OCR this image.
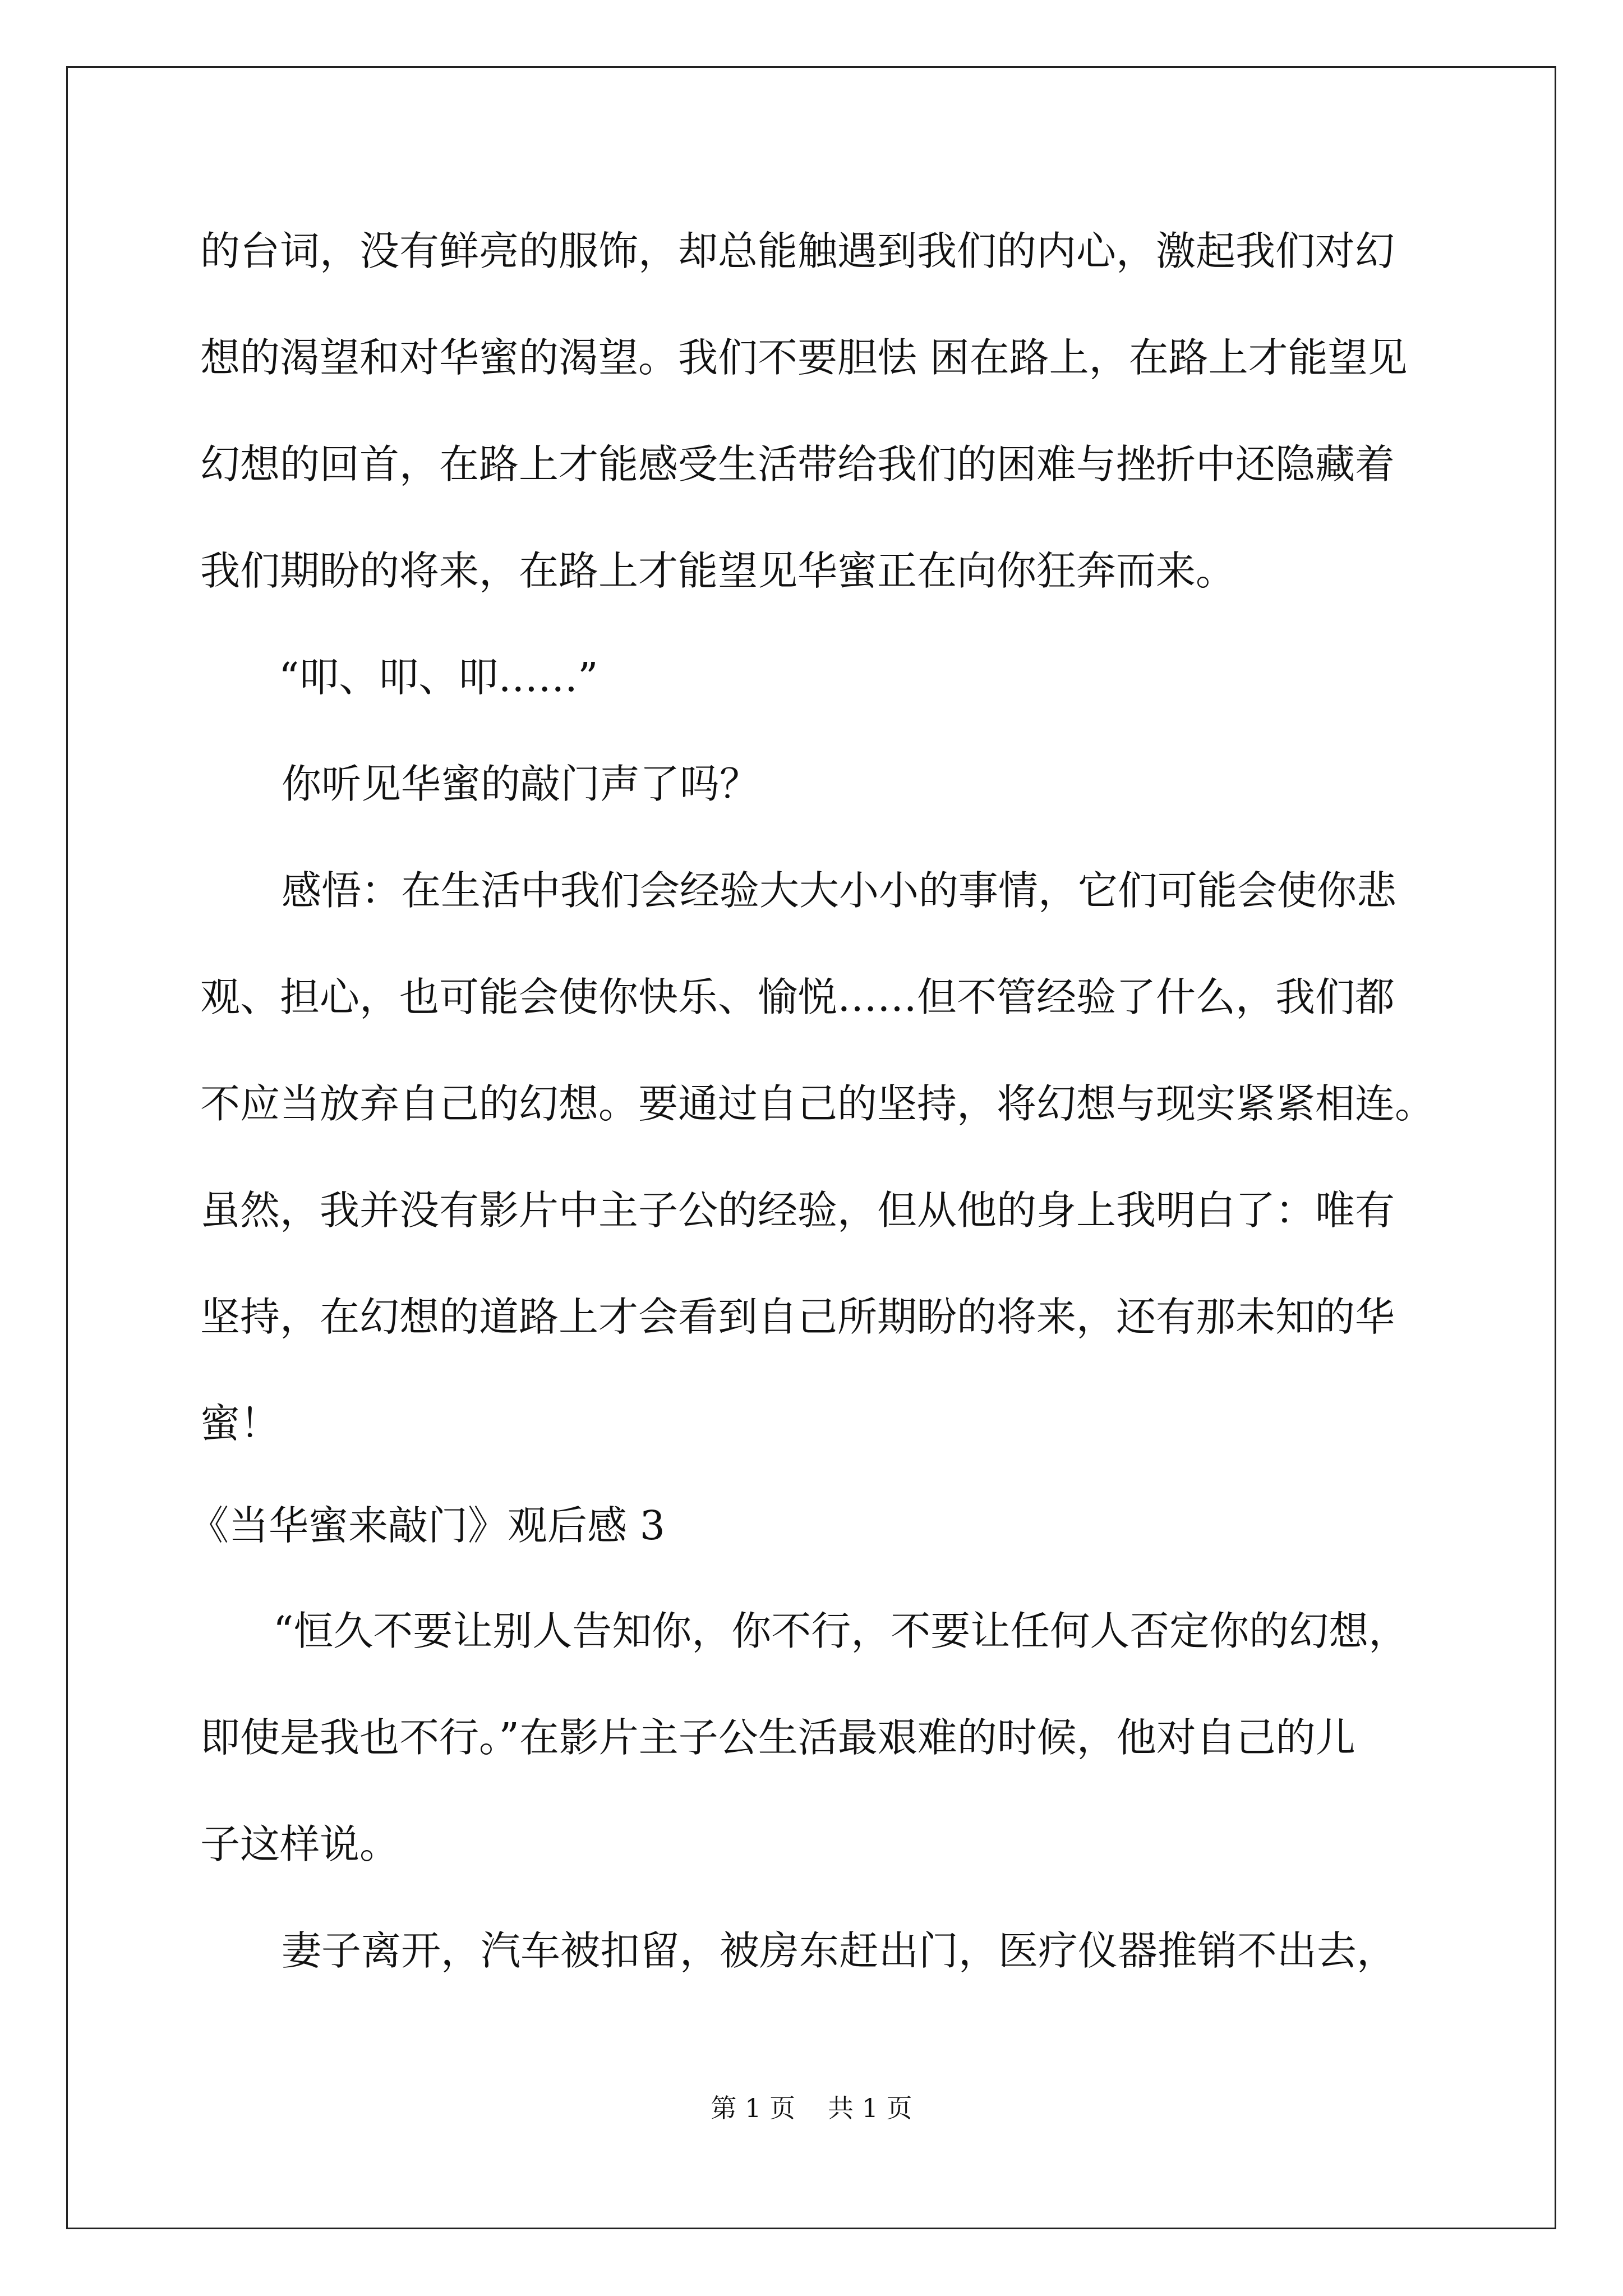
的台词，没有鲜亮的服饰，却总能触遇到我们的内心，激起我们对幻
想的渴望和对华蜜的渴望。我们不要胆怯 困在路上，在路上才能望见
幻想的回首，在路上才能感受生活带给我们的困难与挫折中还隐藏着
我们期盼的将来，在路上才能望见华蜜正在向你狂奔而来。
“叩、叩、叩……”
你听见华蜜的敲门声了吗？
感悟：在生活中我们会经验大大小小的事情，它们可能会使你悲
观、担心，也可能会使你快乐、愉悦……但不管经验了什么，我们都
不应当放弃自己的幻想。要通过自己的坚持，将幻想与现实紧紧相连。
虽然，我并没有影片中主子公的经验，但从他的身上我明白了：唯有
坚持，在幻想的道路上才会看到自己所期盼的将来，还有那未知的华
蜜！
《当华蜜来敲门》观后感 3
“恒久不要让别人告知你，你不行，不要让任何人否定你的幻想，
即使是我也不行。”在影片主子公生活最艰难的时候，他对自己的儿
子这样说。
妻子离开，汽车被扣留，被房东赶出门，医疗仪器推销不出去，
第 1 页 共 1 页
